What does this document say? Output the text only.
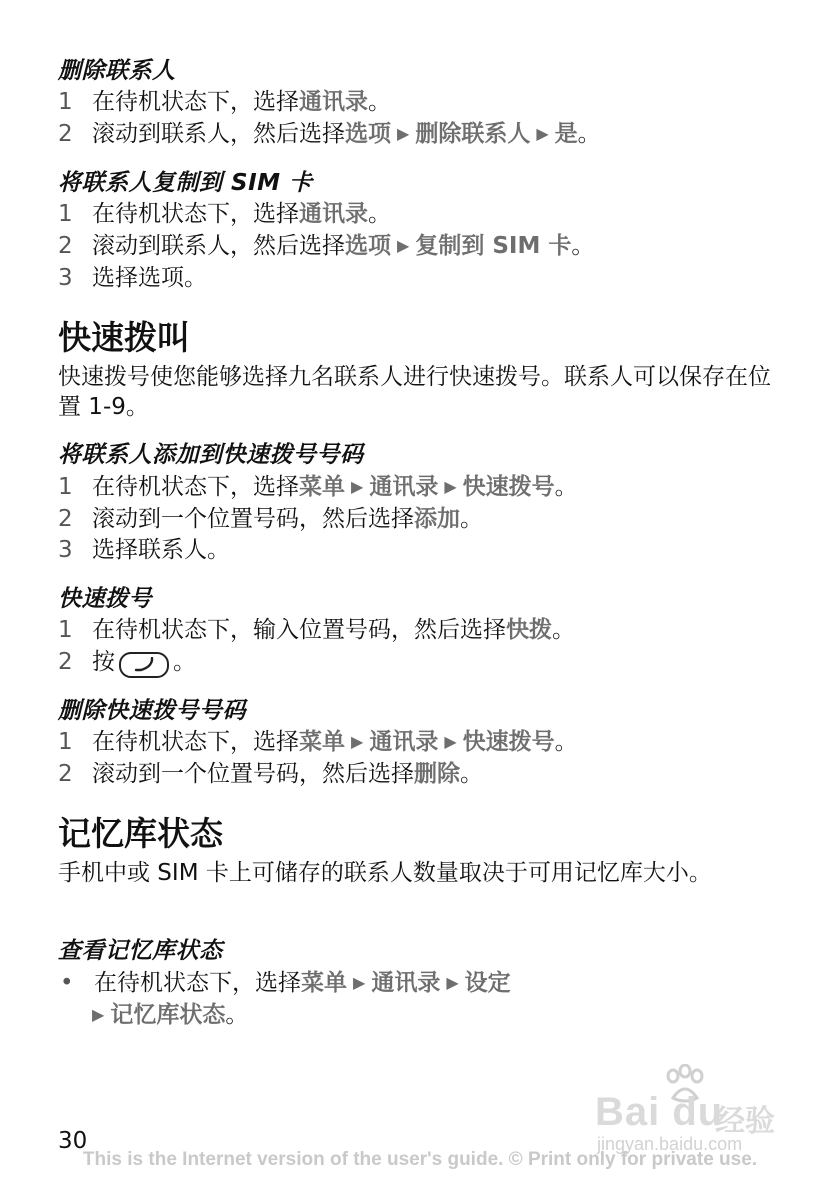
删除联系人
1 在待机状态下，选择通讯录。
2 滚动到联系人，然后选择选项 ▶ 删除联系人 ▶ 是。
将联系人复制到 SIM 卡
1 在待机状态下，选择通讯录。
2 滚动到联系人，然后选择选项 ▶ 复制到 SIM 卡。
3 选择选项。
快速拨叫

快速拨号使您能够选择九名联系人进行快速拨号。联系人可以保存在位置 1-9。

将联系人添加到快速拨号号码
1 在待机状态下，选择菜单 ▶ 通讯录 ▶ 快速拨号。
2 滚动到一个位置号码，然后选择添加。
3 选择联系人。
快速拨号
1 在待机状态下，输入位置号码，然后选择快拨。
2 按	。
删除快速拨号号码
1 在待机状态下，选择菜单 ▶ 通讯录 ▶ 快速拨号。
2 滚动到一个位置号码，然后选择删除。
记忆库状态

手机中或 SIM 卡上可储存的联系人数量取决于可用记忆库大小。

查看记忆库状态
• 在待机状态下，选择菜单 ▶ 通讯录 ▶ 设定
▶ 记忆库状态。
Bai du
经验
jingyan.baidu.com

30

This is the Internet version of the user's guide. © Print only for private use.
